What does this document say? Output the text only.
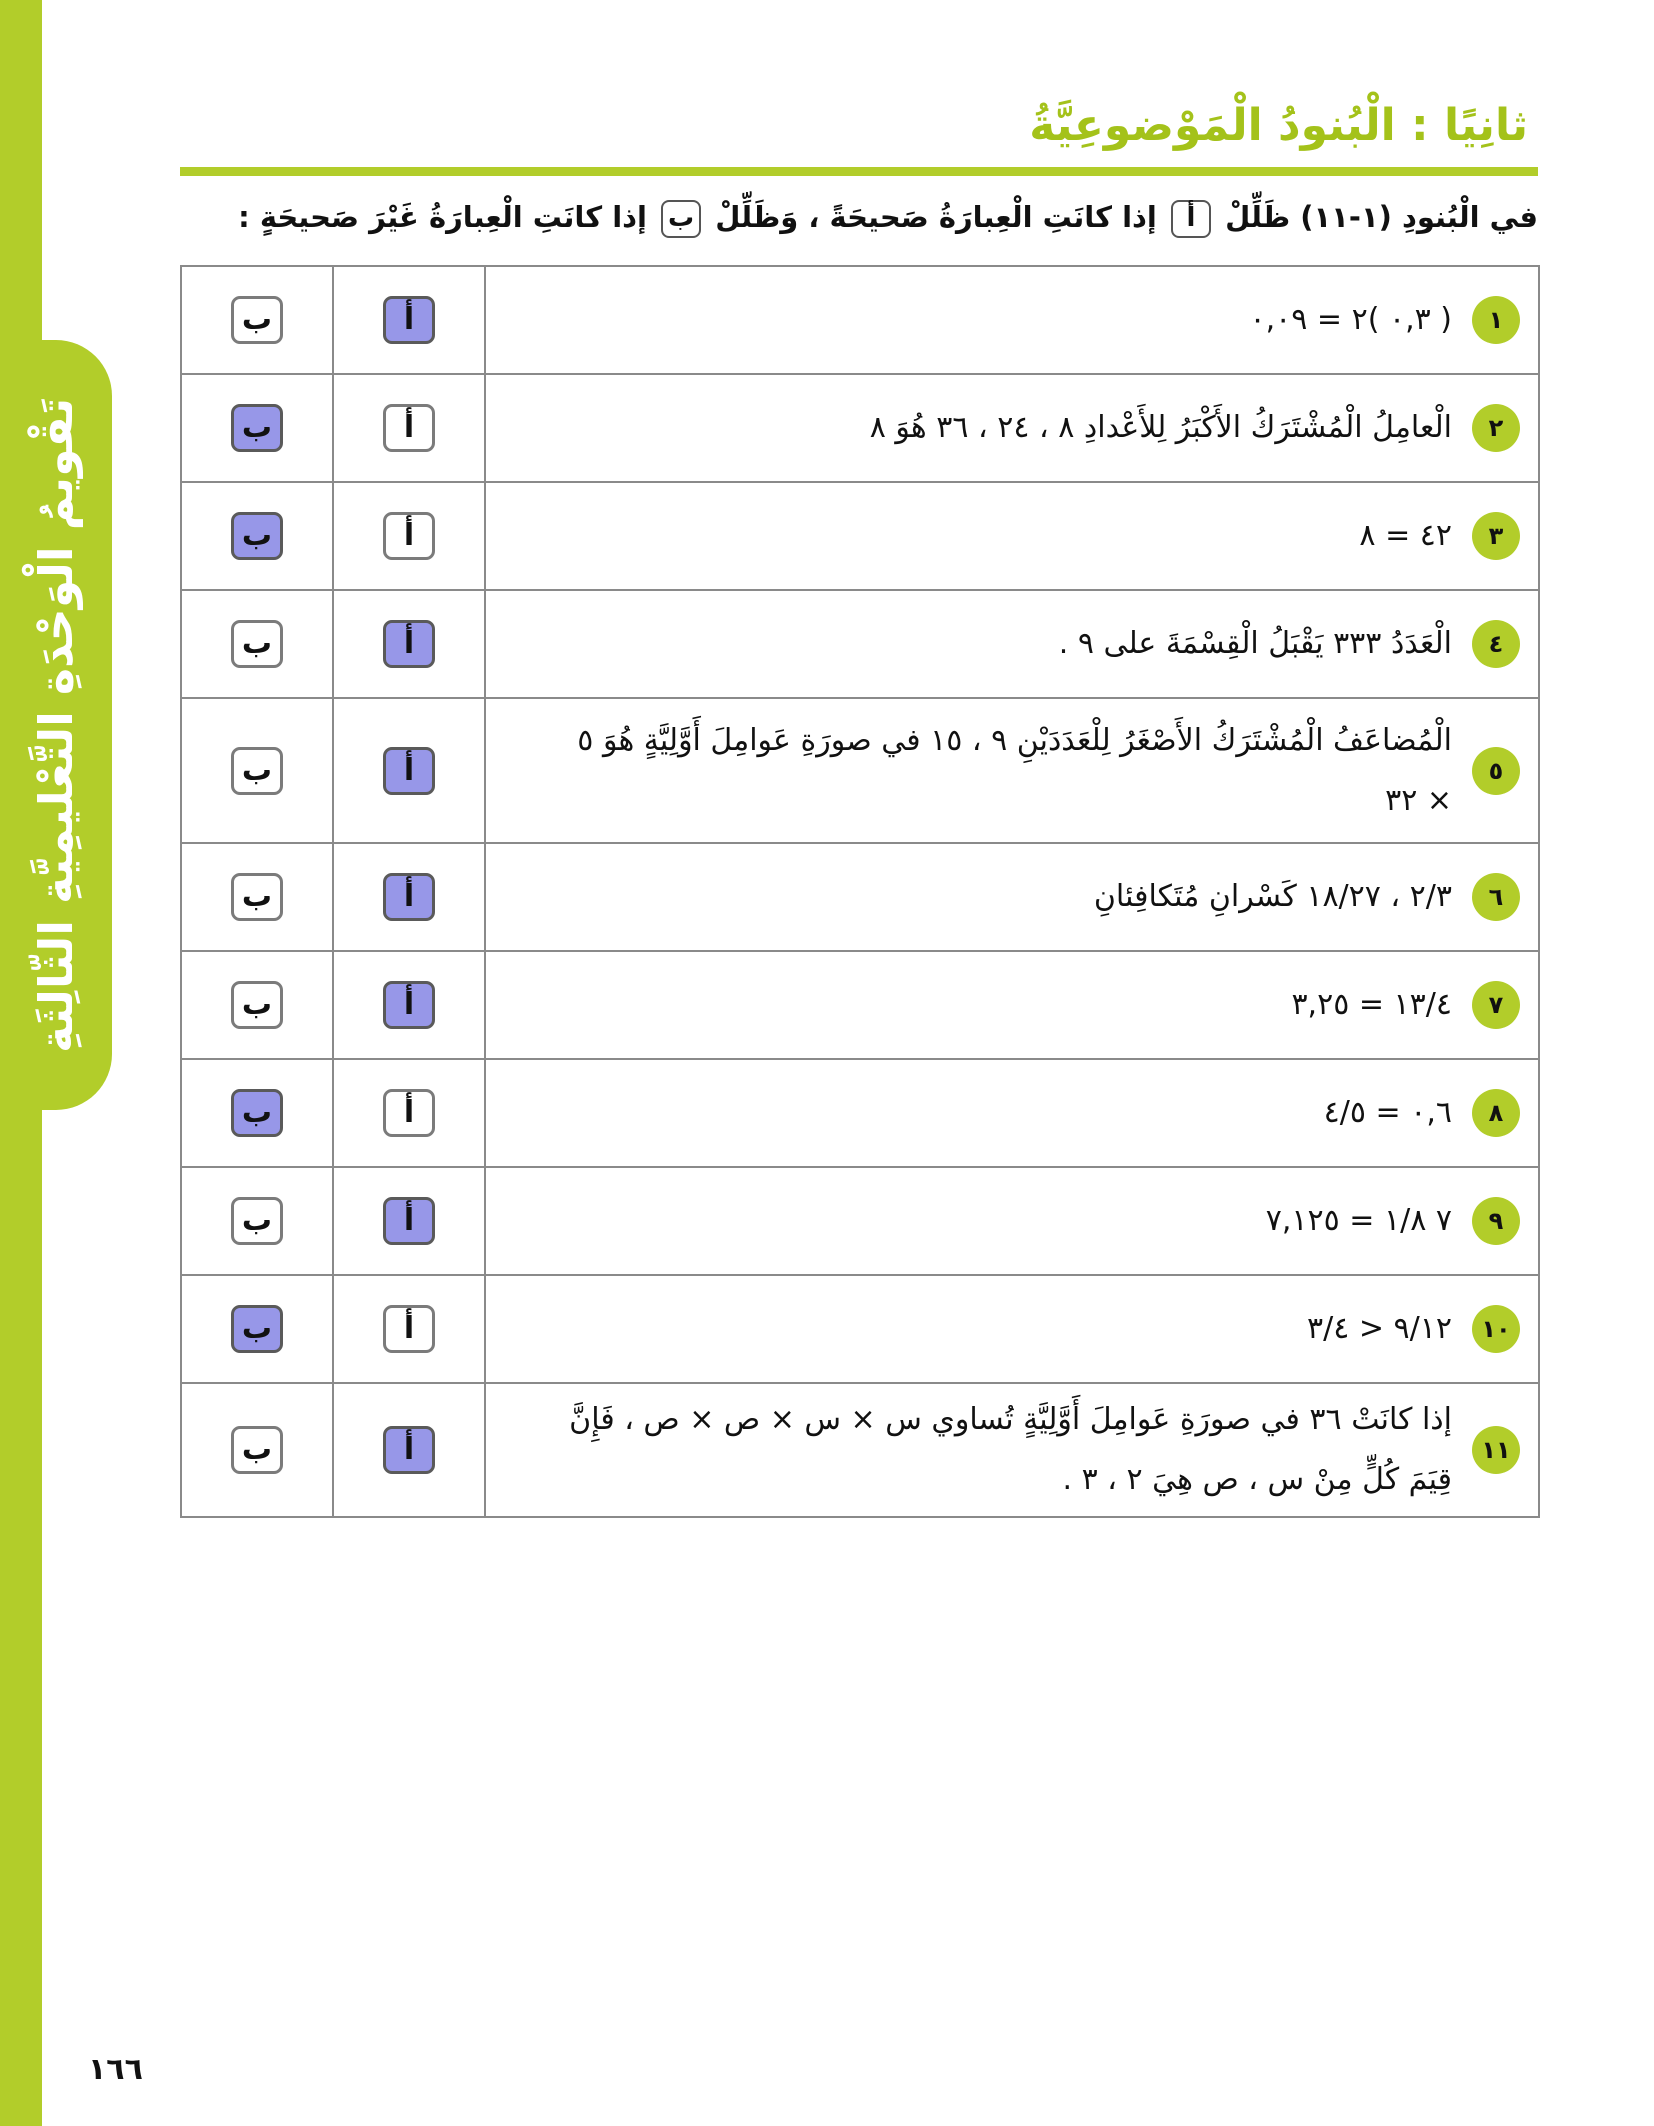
تَقْويمُ الْوَحْدَةِ التَّعْليمِيَّةِ الثّالِثَةِ
ثانِيًا : الْبُنودُ الْمَوْضوعِيَّةُ
في الْبُنودِ (١-١١) ظَلِّلْ أ إذا كانَتِ الْعِبارَةُ صَحيحَةً ، وَظَلِّلْ ب إذا كانَتِ الْعِبارَةُ غَيْرَ صَحيحَةٍ :
١
( ٠,٣ )٢ = ٠,٠٩	أ	ب

٢
الْعامِلُ الْمُشْتَرَكُ الأَكْبَرُ لِلأَعْدادِ ٨ ، ٢٤ ، ٣٦ هُوَ ٨	أ	ب

٣
٤٢ = ٨	أ	ب

٤
الْعَدَدُ ٣٣٣ يَقْبَلُ الْقِسْمَةَ على ٩ .	أ	ب

٥
الْمُضاعَفُ الْمُشْتَرَكُ الأَصْغَرُ لِلْعَدَدَيْنِ ٩ ، ١٥ في صورَةِ عَوامِلَ أَوَّلِيَّةٍ هُوَ ٥ × ٣٢	أ	ب

٦
٢/٣ ، ١٨/٢٧ كَسْرانِ مُتَكافِئانِ	أ	ب

٧
١٣/٤ = ٣,٢٥	أ	ب

٨
٠,٦ = ٤/٥	أ	ب

٩
٧ ١/٨ = ٧,١٢٥	أ	ب

١٠
٩/١٢ < ٣/٤	أ	ب

١١
إذا كانَتْ ٣٦ في صورَةِ عَوامِلَ أَوَّلِيَّةٍ تُساوي س × س × ص × ص ، فَإِنَّ قِيَمَ كُلٍّ مِنْ س ، ص هِيَ ٢ ، ٣ .	أ	ب
١٦٦
